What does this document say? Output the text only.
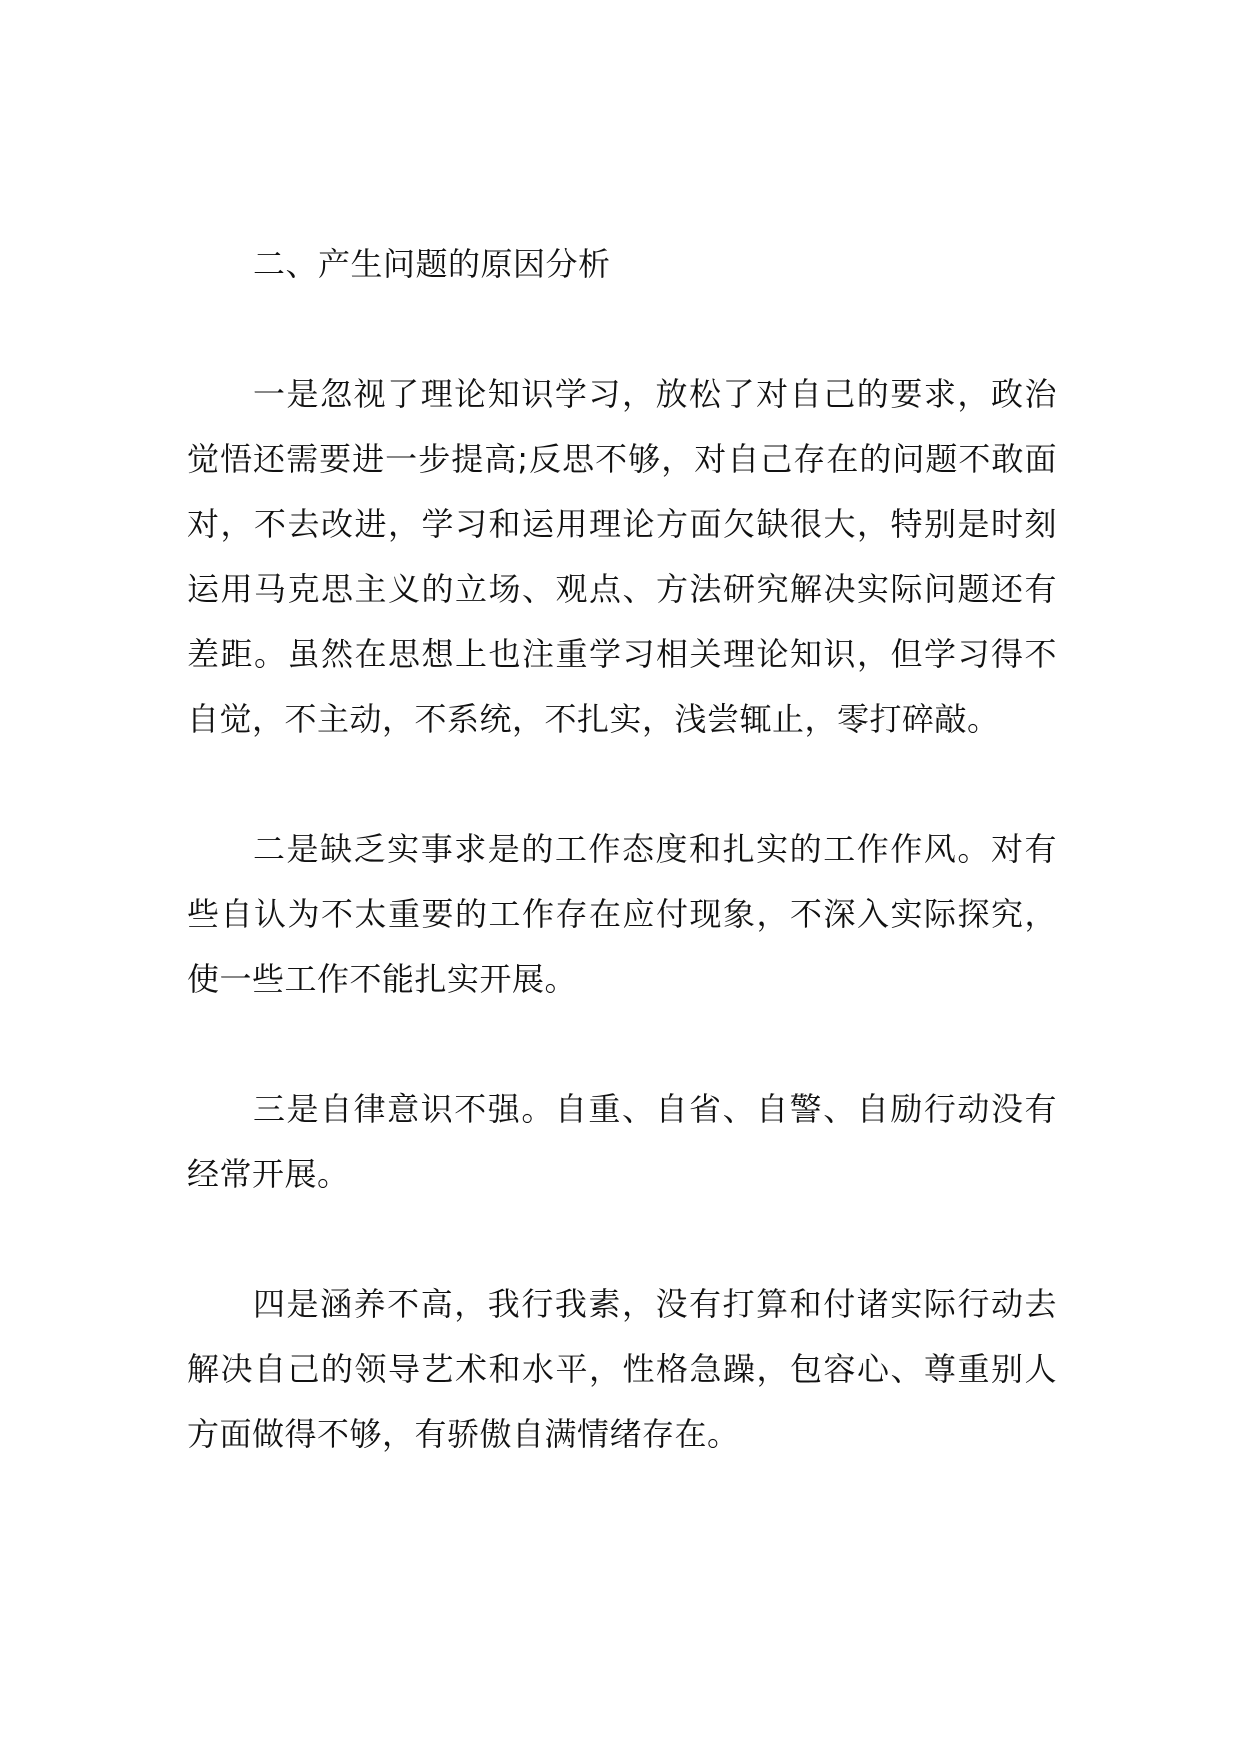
二、产生问题的原因分析

一是忽视了理论知识学习，放松了对自己的要求，政治觉悟还需要进一步提高;反思不够，对自己存在的问题不敢面对，不去改进，学习和运用理论方面欠缺很大，特别是时刻运用马克思主义的立场、观点、方法研究解决实际问题还有差距。虽然在思想上也注重学习相关理论知识，但学习得不自觉，不主动，不系统，不扎实，浅尝辄止，零打碎敲。

二是缺乏实事求是的工作态度和扎实的工作作风。对有些自认为不太重要的工作存在应付现象，不深入实际探究，使一些工作不能扎实开展。

三是自律意识不强。自重、自省、自警、自励行动没有经常开展。

四是涵养不高，我行我素，没有打算和付诸实际行动去解决自己的领导艺术和水平，性格急躁，包容心、尊重别人方面做得不够，有骄傲自满情绪存在。
